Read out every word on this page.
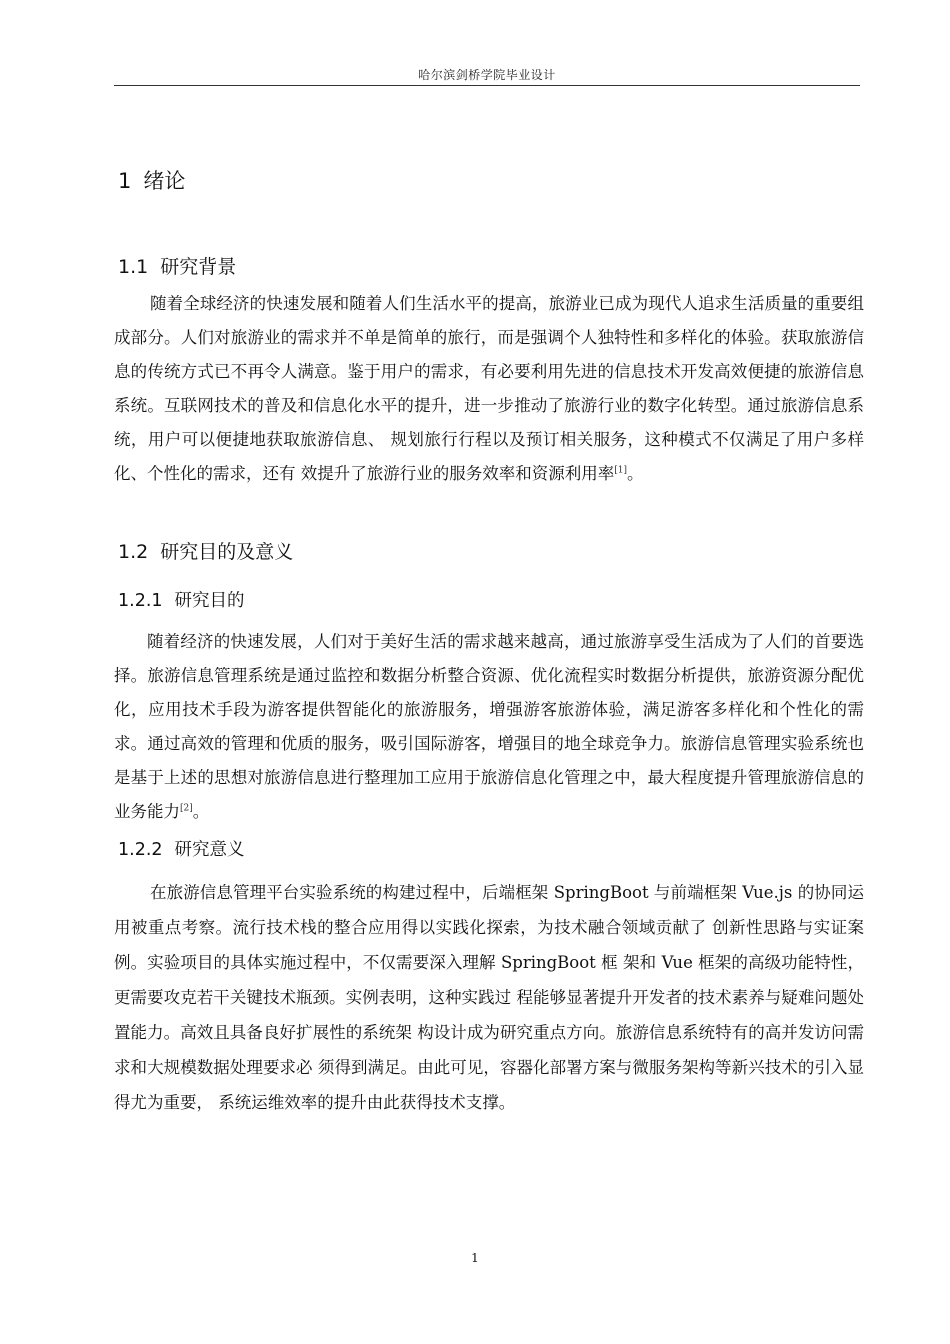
哈尔滨剑桥学院毕业设计
1 绪论
1.1 研究背景

随着全球经济的快速发展和随着人们生活水平的提高，旅游业已成为现代人追求生活质量的重要组成部分。人们对旅游业的需求并不单是简单的旅行，而是强调个人独特性和多样化的体验。获取旅游信息的传统方式已不再令人满意。鉴于用户的需求，有必要利用先进的信息技术开发高效便捷的旅游信息系统。互联网技术的普及和信息化水平的提升，进一步推动了旅游行业的数字化转型。通过旅游信息系统，用户可以便捷地获取旅游信息、 规划旅行行程以及预订相关服务，这种模式不仅满足了用户多样化、个性化的需求，还有 效提升了旅游行业的服务效率和资源利用率[1]。

1.2 研究目的及意义
1.2.1 研究目的

随着经济的快速发展，人们对于美好生活的需求越来越高，通过旅游享受生活成为了人们的首要选择。旅游信息管理系统是通过监控和数据分析整合资源、优化流程实时数据分析提供，旅游资源分配优化，应用技术手段为游客提供智能化的旅游服务，增强游客旅游体验，满足游客多样化和个性化的需求。通过高效的管理和优质的服务，吸引国际游客，增强目的地全球竞争力。旅游信息管理实验系统也是基于上述的思想对旅游信息进行整理加工应用于旅游信息化管理之中，最大程度提升管理旅游信息的业务能力[2]。

1.2.2 研究意义

在旅游信息管理平台实验系统的构建过程中，后端框架 SpringBoot 与前端框架 Vue.js 的协同运用被重点考察。流行技术栈的整合应用得以实践化探索，为技术融合领域贡献了 创新性思路与实证案例。实验项目的具体实施过程中，不仅需要深入理解 SpringBoot 框 架和 Vue 框架的高级功能特性，更需要攻克若干关键技术瓶颈。实例表明，这种实践过 程能够显著提升开发者的技术素养与疑难问题处置能力。高效且具备良好扩展性的系统架 构设计成为研究重点方向。旅游信息系统特有的高并发访问需求和大规模数据处理要求必 须得到满足。由此可见，容器化部署方案与微服务架构等新兴技术的引入显得尤为重要， 系统运维效率的提升由此获得技术支撑。

1
